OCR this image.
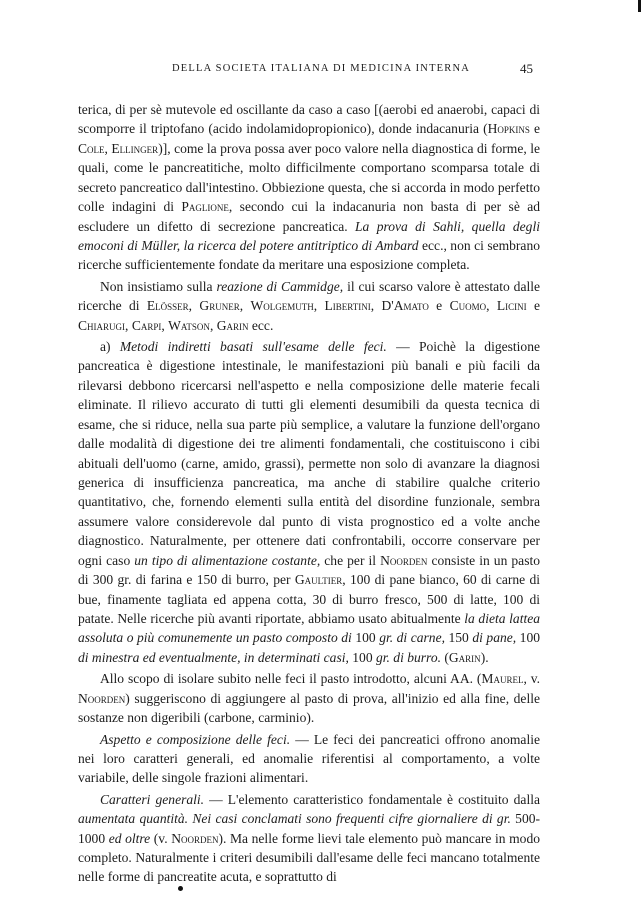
DELLA SOCIETA ITALIANA DI MEDICINA INTERNA	45

terica, di per sè mutevole ed oscillante da caso a caso [(aerobi ed anaerobi, capaci di scomporre il triptofano (acido indolamidopropionico), donde indacanuria (Hopkins e Cole, Ellinger)], come la prova possa aver poco valore nella diagnostica di forme, le quali, come le pancreatitiche, molto difficilmente comportano scomparsa totale di secreto pancreatico dall'intestino. Obbiezione questa, che si accorda in modo perfetto colle indagini di Paglione, secondo cui la indacanuria non basta di per sè ad escludere un difetto di secrezione pancreatica. La prova di Sahli, quella degli emoconi di Müller, la ricerca del potere antitriptico di Ambard ecc., non ci sembrano ricerche sufficientemente fondate da meritare una esposizione completa.

Non insistiamo sulla reazione di Cammidge, il cui scarso valore è attestato dalle ricerche di Elösser, Gruner, Wolgemuth, Libertini, D'Amato e Cuomo, Licini e Chiarugi, Carpi, Watson, Garin ecc.

a) Metodi indiretti basati sull'esame delle feci. — Poichè la digestione pancreatica è digestione intestinale, le manifestazioni più banali e più facili da rilevarsi debbono ricercarsi nell'aspetto e nella composizione delle materie fecali eliminate. Il rilievo accurato di tutti gli elementi desumibili da questa tecnica di esame, che si riduce, nella sua parte più semplice, a valutare la funzione dell'organo dalle modalità di digestione dei tre alimenti fondamentali, che costituiscono i cibi abituali dell'uomo (carne, amido, grassi), permette non solo di avanzare la diagnosi generica di insufficienza pancreatica, ma anche di stabilire qualche criterio quantitativo, che, fornendo elementi sulla entità del disordine funzionale, sembra assumere valore considerevole dal punto di vista prognostico ed a volte anche diagnostico. Naturalmente, per ottenere dati confrontabili, occorre conservare per ogni caso un tipo di alimentazione costante, che per il Noorden consiste in un pasto di 300 gr. di farina e 150 di burro, per Gaultier, 100 di pane bianco, 60 di carne di bue, finamente tagliata ed appena cotta, 30 di burro fresco, 500 di latte, 100 di patate. Nelle ricerche più avanti riportate, abbiamo usato abitualmente la dieta lattea assoluta o più comunemente un pasto composto di 100 gr. di carne, 150 di pane, 100 di minestra ed eventualmente, in determinati casi, 100 gr. di burro. (Garin).

Allo scopo di isolare subito nelle feci il pasto introdotto, alcuni AA. (Maurel, v. Noorden) suggeriscono di aggiungere al pasto di prova, all'inizio ed alla fine, delle sostanze non digeribili (carbone, carminio).

Aspetto e composizione delle feci. — Le feci dei pancreatici offrono anomalie nei loro caratteri generali, ed anomalie riferentisi al comportamento, a volte variabile, delle singole frazioni alimentari.

Caratteri generali. — L'elemento caratteristico fondamentale è costituito dalla aumentata quantità. Nei casi conclamati sono frequenti cifre giornaliere di gr. 500-1000 ed oltre (v. Noorden). Ma nelle forme lievi tale elemento può mancare in modo completo. Naturalmente i criteri desumibili dall'esame delle feci mancano totalmente nelle forme di pancreatite acuta, e soprattutto di
